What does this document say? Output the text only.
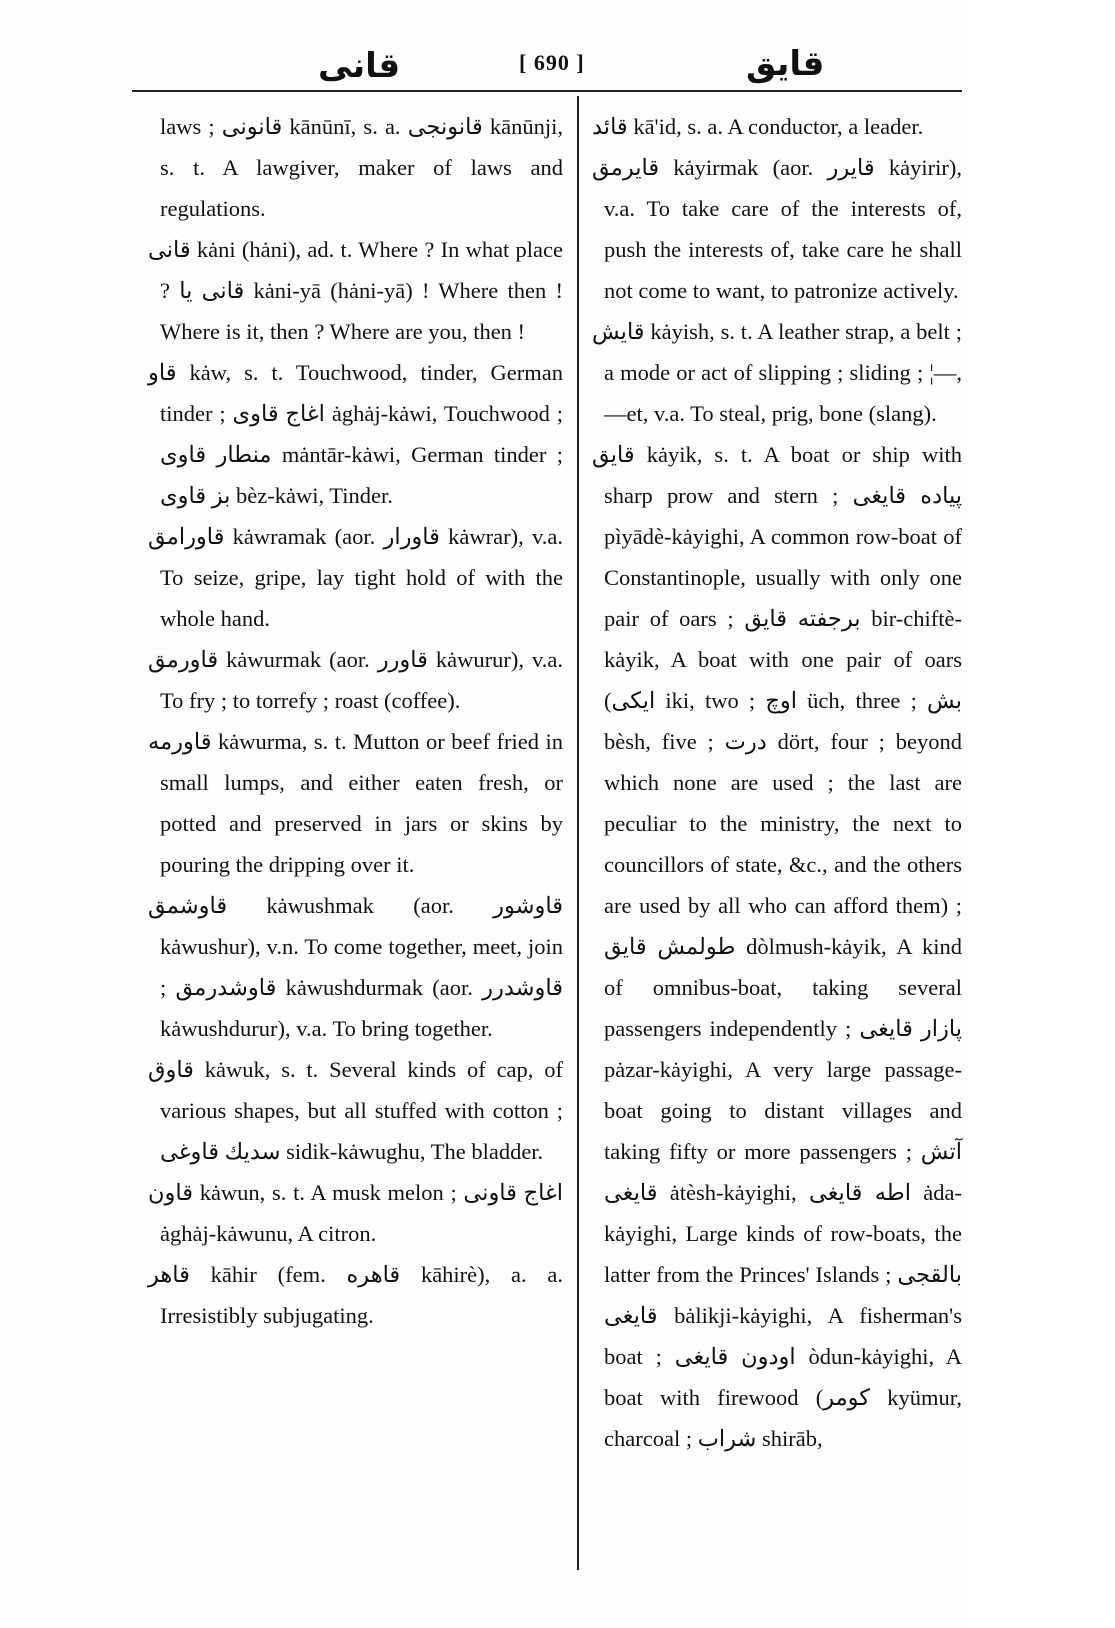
قانی	[ 690 ]	قایق

laws ; قانونی kānūnī, s. a. قانونجی kānūnji, s. t. A lawgiver, maker of laws and regulations.

قانی kȧni (hȧni), ad. t. Where ? In what place ? قانی یا kȧni-yā (hȧni-yā) ! Where then ! Where is it, then ? Where are you, then !

قاو kȧw, s. t. Touchwood, tinder, German tinder ; اغاج قاوی ȧghȧj-kȧwi, Touchwood ; منطار قاوی mȧntār-kȧwi, German tinder ; بز قاوی bèz-kȧwi, Tinder.

قاورامق kȧwramak (aor. قاورار kȧwrar), v.a. To seize, gripe, lay tight hold of with the whole hand.

قاورمق kȧwurmak (aor. قاورر kȧwurur), v.a. To fry ; to torrefy ; roast (coffee).

قاورمه kȧwurma, s. t. Mutton or beef fried in small lumps, and either eaten fresh, or potted and preserved in jars or skins by pouring the dripping over it.

قاوشمق kȧwushmak (aor. قاوشور kȧwushur), v.n. To come together, meet, join ; قاوشدرمق kȧwushdurmak (aor. قاوشدرر kȧwushdurur), v.a. To bring together.

قاوق kȧwuk, s. t. Several kinds of cap, of various shapes, but all stuffed with cotton ; سدیك قاوغی sidik-kȧwughu, The bladder.

قاون kȧwun, s. t. A musk melon ; اغاج قاونی ȧghȧj-kȧwunu, A citron.

قاهر kāhir (fem. قاهره kāhirè), a. a. Irresistibly subjugating.

قائد kā'id, s. a. A conductor, a leader.

قایرمق kȧyirmak (aor. قایرر kȧyirir), v.a. To take care of the interests of, push the interests of, take care he shall not come to want, to patronize actively.

قایش kȧyish, s. t. A leather strap, a belt ; a mode or act of slipping ; sliding ; ¦—, —et, v.a. To steal, prig, bone (slang).

قایق kȧyik, s. t. A boat or ship with sharp prow and stern ; پیاده قایغی pìyādè-kȧyighi, A common row-boat of Constantinople, usually with only one pair of oars ; برجفته قایق bir-chiftè-kȧyik, A boat with one pair of oars (ایکی iki, two ; اوچ üch, three ; بش bèsh, five ; درت dört, four ; beyond which none are used ; the last are peculiar to the ministry, the next to councillors of state, &c., and the others are used by all who can afford them) ; طولمش قایق dòlmush-kȧyik, A kind of omnibus-boat, taking several passengers independently ; پازار قایغی pȧzar-kȧyighi, A very large passage-boat going to distant villages and taking fifty or more passengers ; آتش قایغی ȧtèsh-kȧyighi, اطه قایغی ȧda-kȧyighi, Large kinds of row-boats, the latter from the Princes' Islands ; بالقجی قایغی bȧlikji-kȧyighi, A fisherman's boat ; اودون قایغی òdun-kȧyighi, A boat with firewood (کومر kyümur, charcoal ; شراب shirāb,
